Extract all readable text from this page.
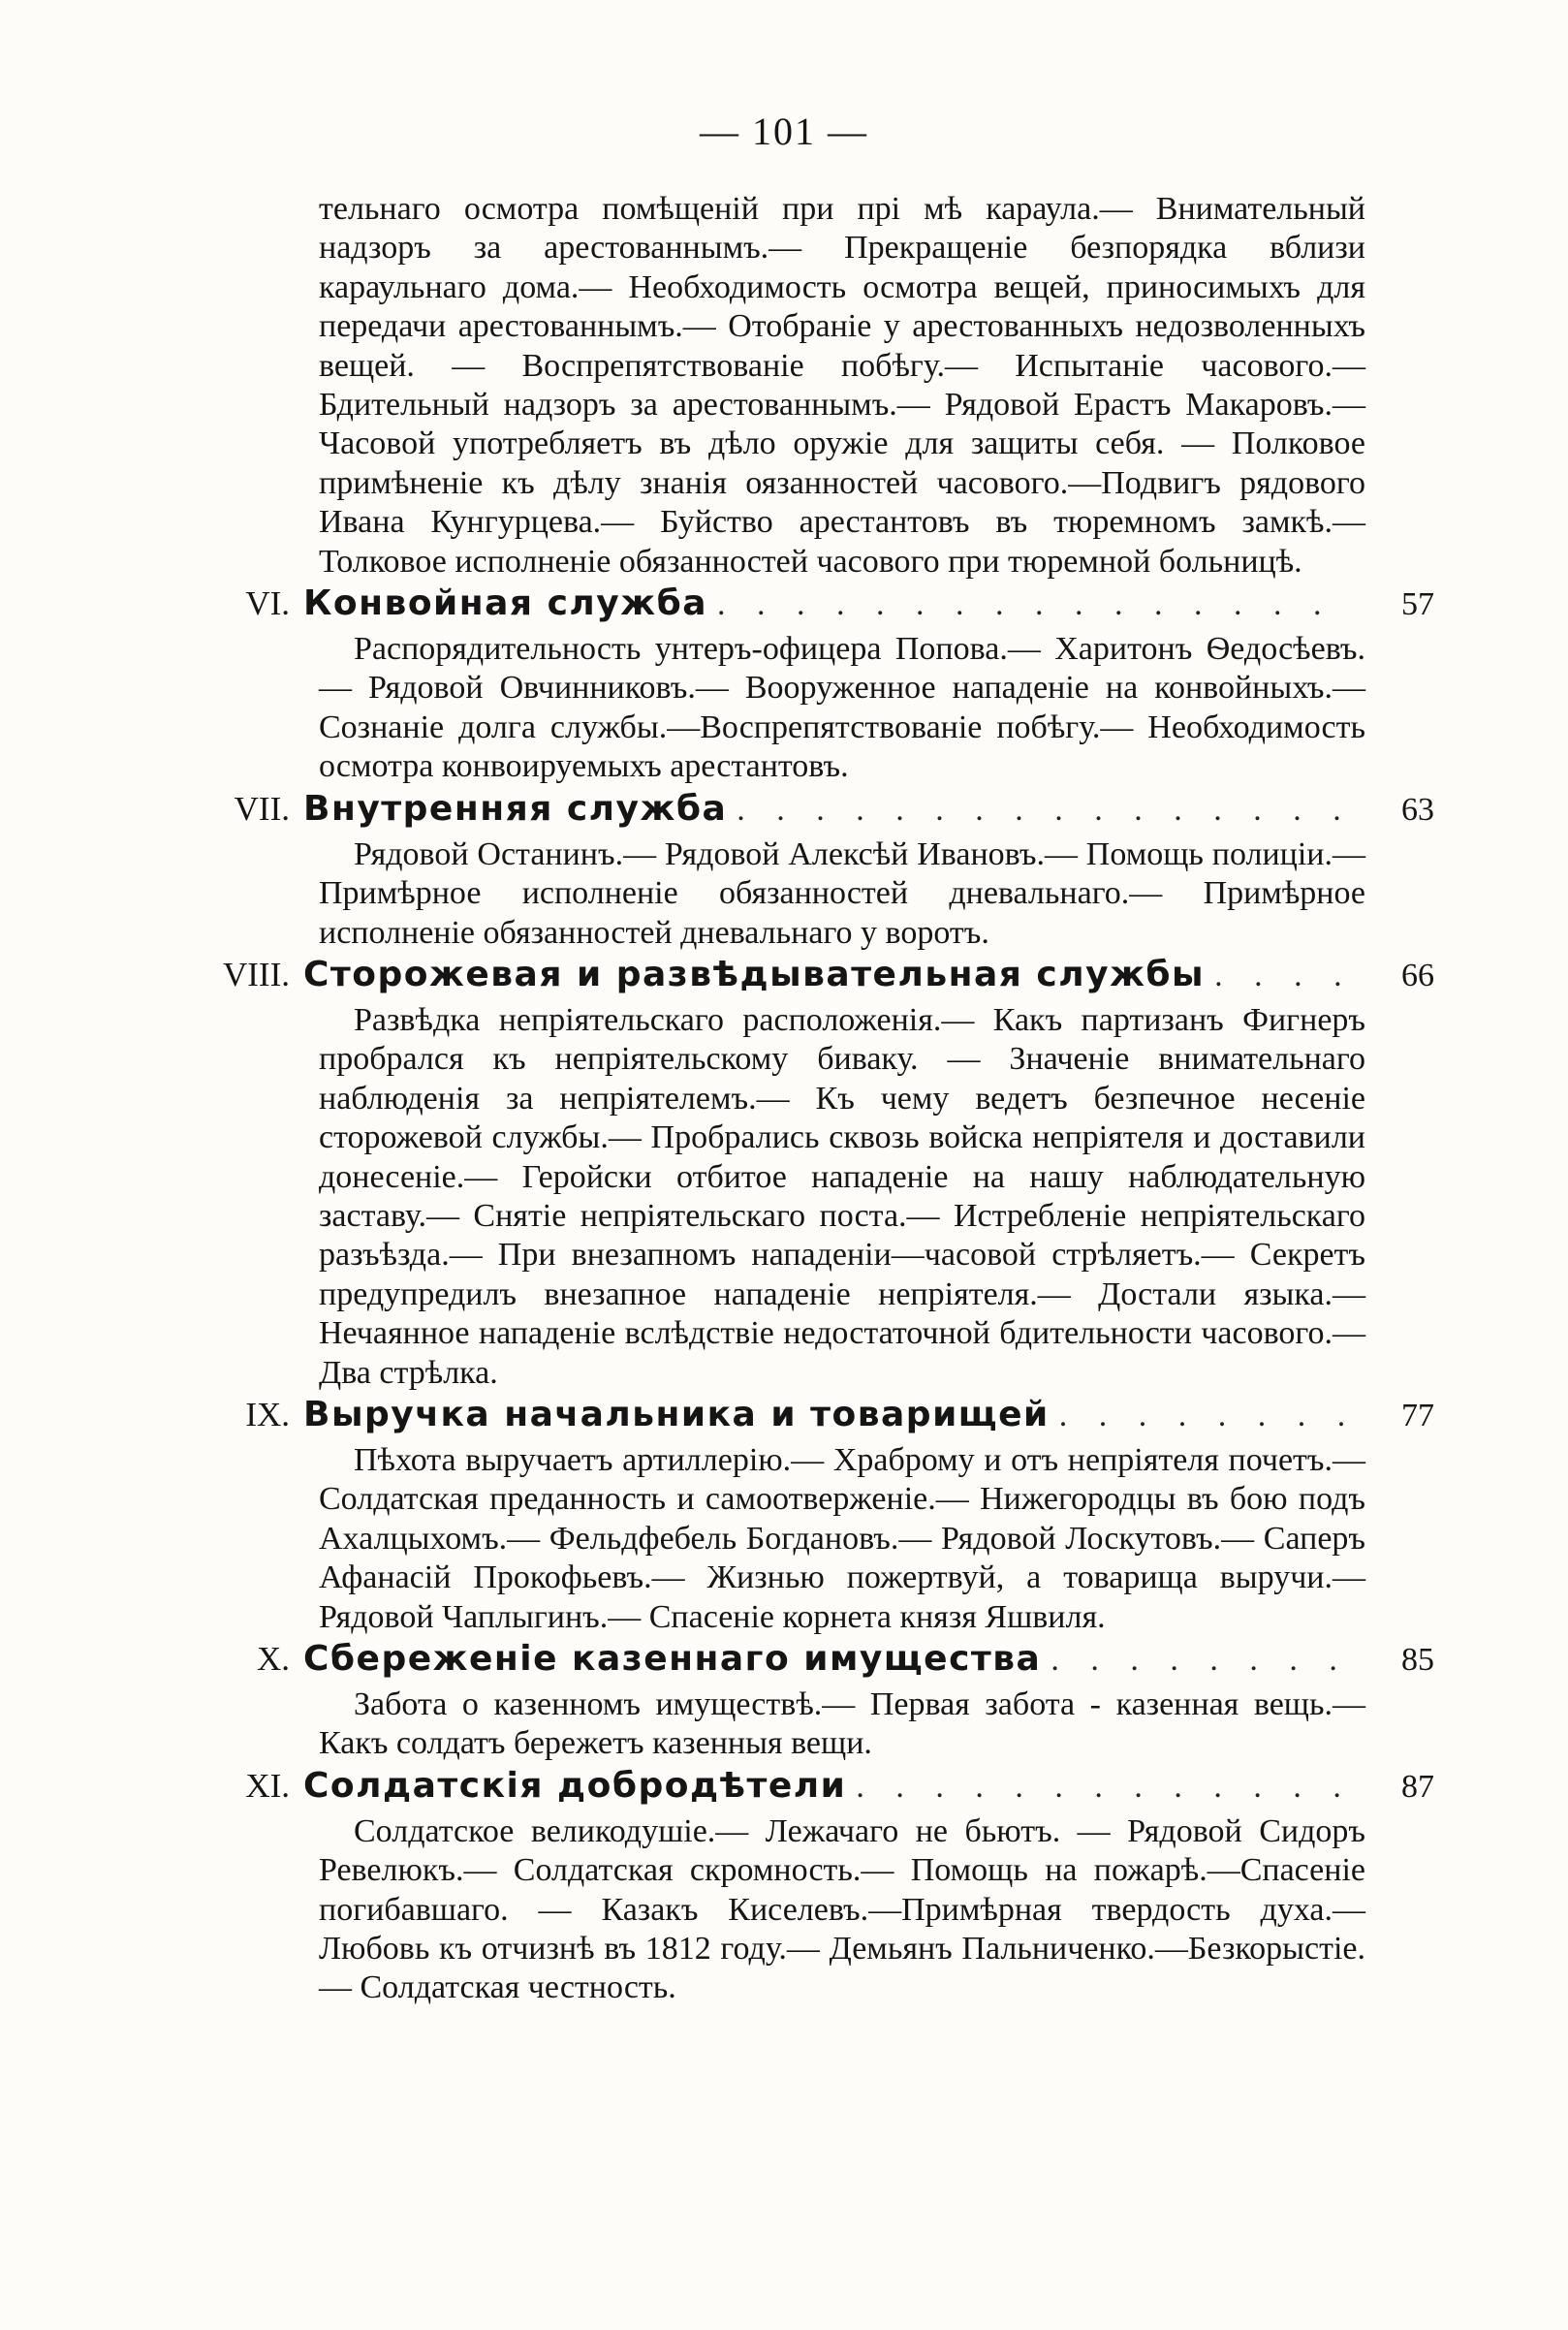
— 101 —
тельнаго осмотра помѣщеній при прі мѣ караула.— Внимательный надзоръ за арестованнымъ.— Прекращеніе безпорядка вблизи караульнаго дома.— Необходимость осмотра вещей, приносимыхъ для передачи арестованнымъ.— Отобраніе у арестованныхъ недозволенныхъ вещей. — Воспрепятствованіе побѣгу.— Испытаніе часового.—Бдительный надзоръ за арестованнымъ.— Рядовой Ерастъ Макаровъ.— Часовой употребляетъ въ дѣло оружіе для защиты себя. — Полковое примѣненіе къ дѣлу знанія оязанностей часового.—Подвигъ рядового Ивана Кунгурцева.— Буйство арестантовъ въ тюремномъ замкѣ.—Толковое исполненіе обязанностей часового при тюремной больницѣ.
VI. Конвойная служба . . .	57
Распорядительность унтеръ-офицера Попова.— Харитонъ Ѳедосѣевъ.— Рядовой Овчинниковъ.— Вооруженное нападеніе на конвойныхъ.— Сознаніе долга службы.—Воспрепятствованіе побѣгу.— Необходимость осмотра конвоируемыхъ арестантовъ.
VII. Внутренняя служба . . .	63
Рядовой Останинъ.— Рядовой Алексѣй Ивановъ.— Помощь полиціи.— Примѣрное исполненіе обязанностей дневальнаго.— Примѣрное исполненіе обязанностей дневальнаго у воротъ.
VIII. Сторожевая и развѣдывательная службы . . .	66
Развѣдка непріятельскаго расположенія.— Какъ партизанъ Фигнеръ пробрался къ непріятельскому биваку. — Значеніе внимательнаго наблюденія за непріятелемъ.— Къ чему ведетъ безпечное несеніе сторожевой службы.— Пробрались сквозь войска непріятеля и доставили донесеніе.— Геройски отбитое нападеніе на нашу наблюдательную заставу.— Снятіе непріятельскаго поста.— Истребленіе непріятельскаго разъѣзда.— При внезапномъ нападеніи—часовой стрѣляетъ.— Секретъ предупредилъ внезапное нападеніе непріятеля.— Достали языка.— Нечаянное нападеніе вслѣдствіе недостаточной бдительности часового.— Два стрѣлка.
IX. Выручка начальника и товарищей . . .	77
Пѣхота выручаетъ артиллерію.— Храброму и отъ непріятеля почетъ.— Солдатская преданность и самоотверженіе.— Нижегородцы въ бою подъ Ахалцыхомъ.— Фельдфебель Богдановъ.— Рядовой Лоскутовъ.— Саперъ Афанасій Прокофьевъ.— Жизнью пожертвуй, а товарища выручи.— Рядовой Чаплыгинъ.— Спасеніе корнета князя Яшвиля.
X. Сбереженіе казеннаго имущества . . .	85
Забота о казенномъ имуществѣ.— Первая забота - казенная вещь.— Какъ солдатъ бережетъ казенныя вещи.
XI. Солдатскія добродѣтели . . .	87
Солдатское великодушіе.— Лежачаго не бьютъ. — Рядовой Сидоръ Ревелюкъ.— Солдатская скромность.— Помощь на пожарѣ.—Спасеніе погибавшаго. — Казакъ Киселевъ.—Примѣрная твердость духа.— Любовь къ отчизнѣ въ 1812 году.— Демьянъ Пальниченко.—Безкорыстіе.— Солдатская честность.
